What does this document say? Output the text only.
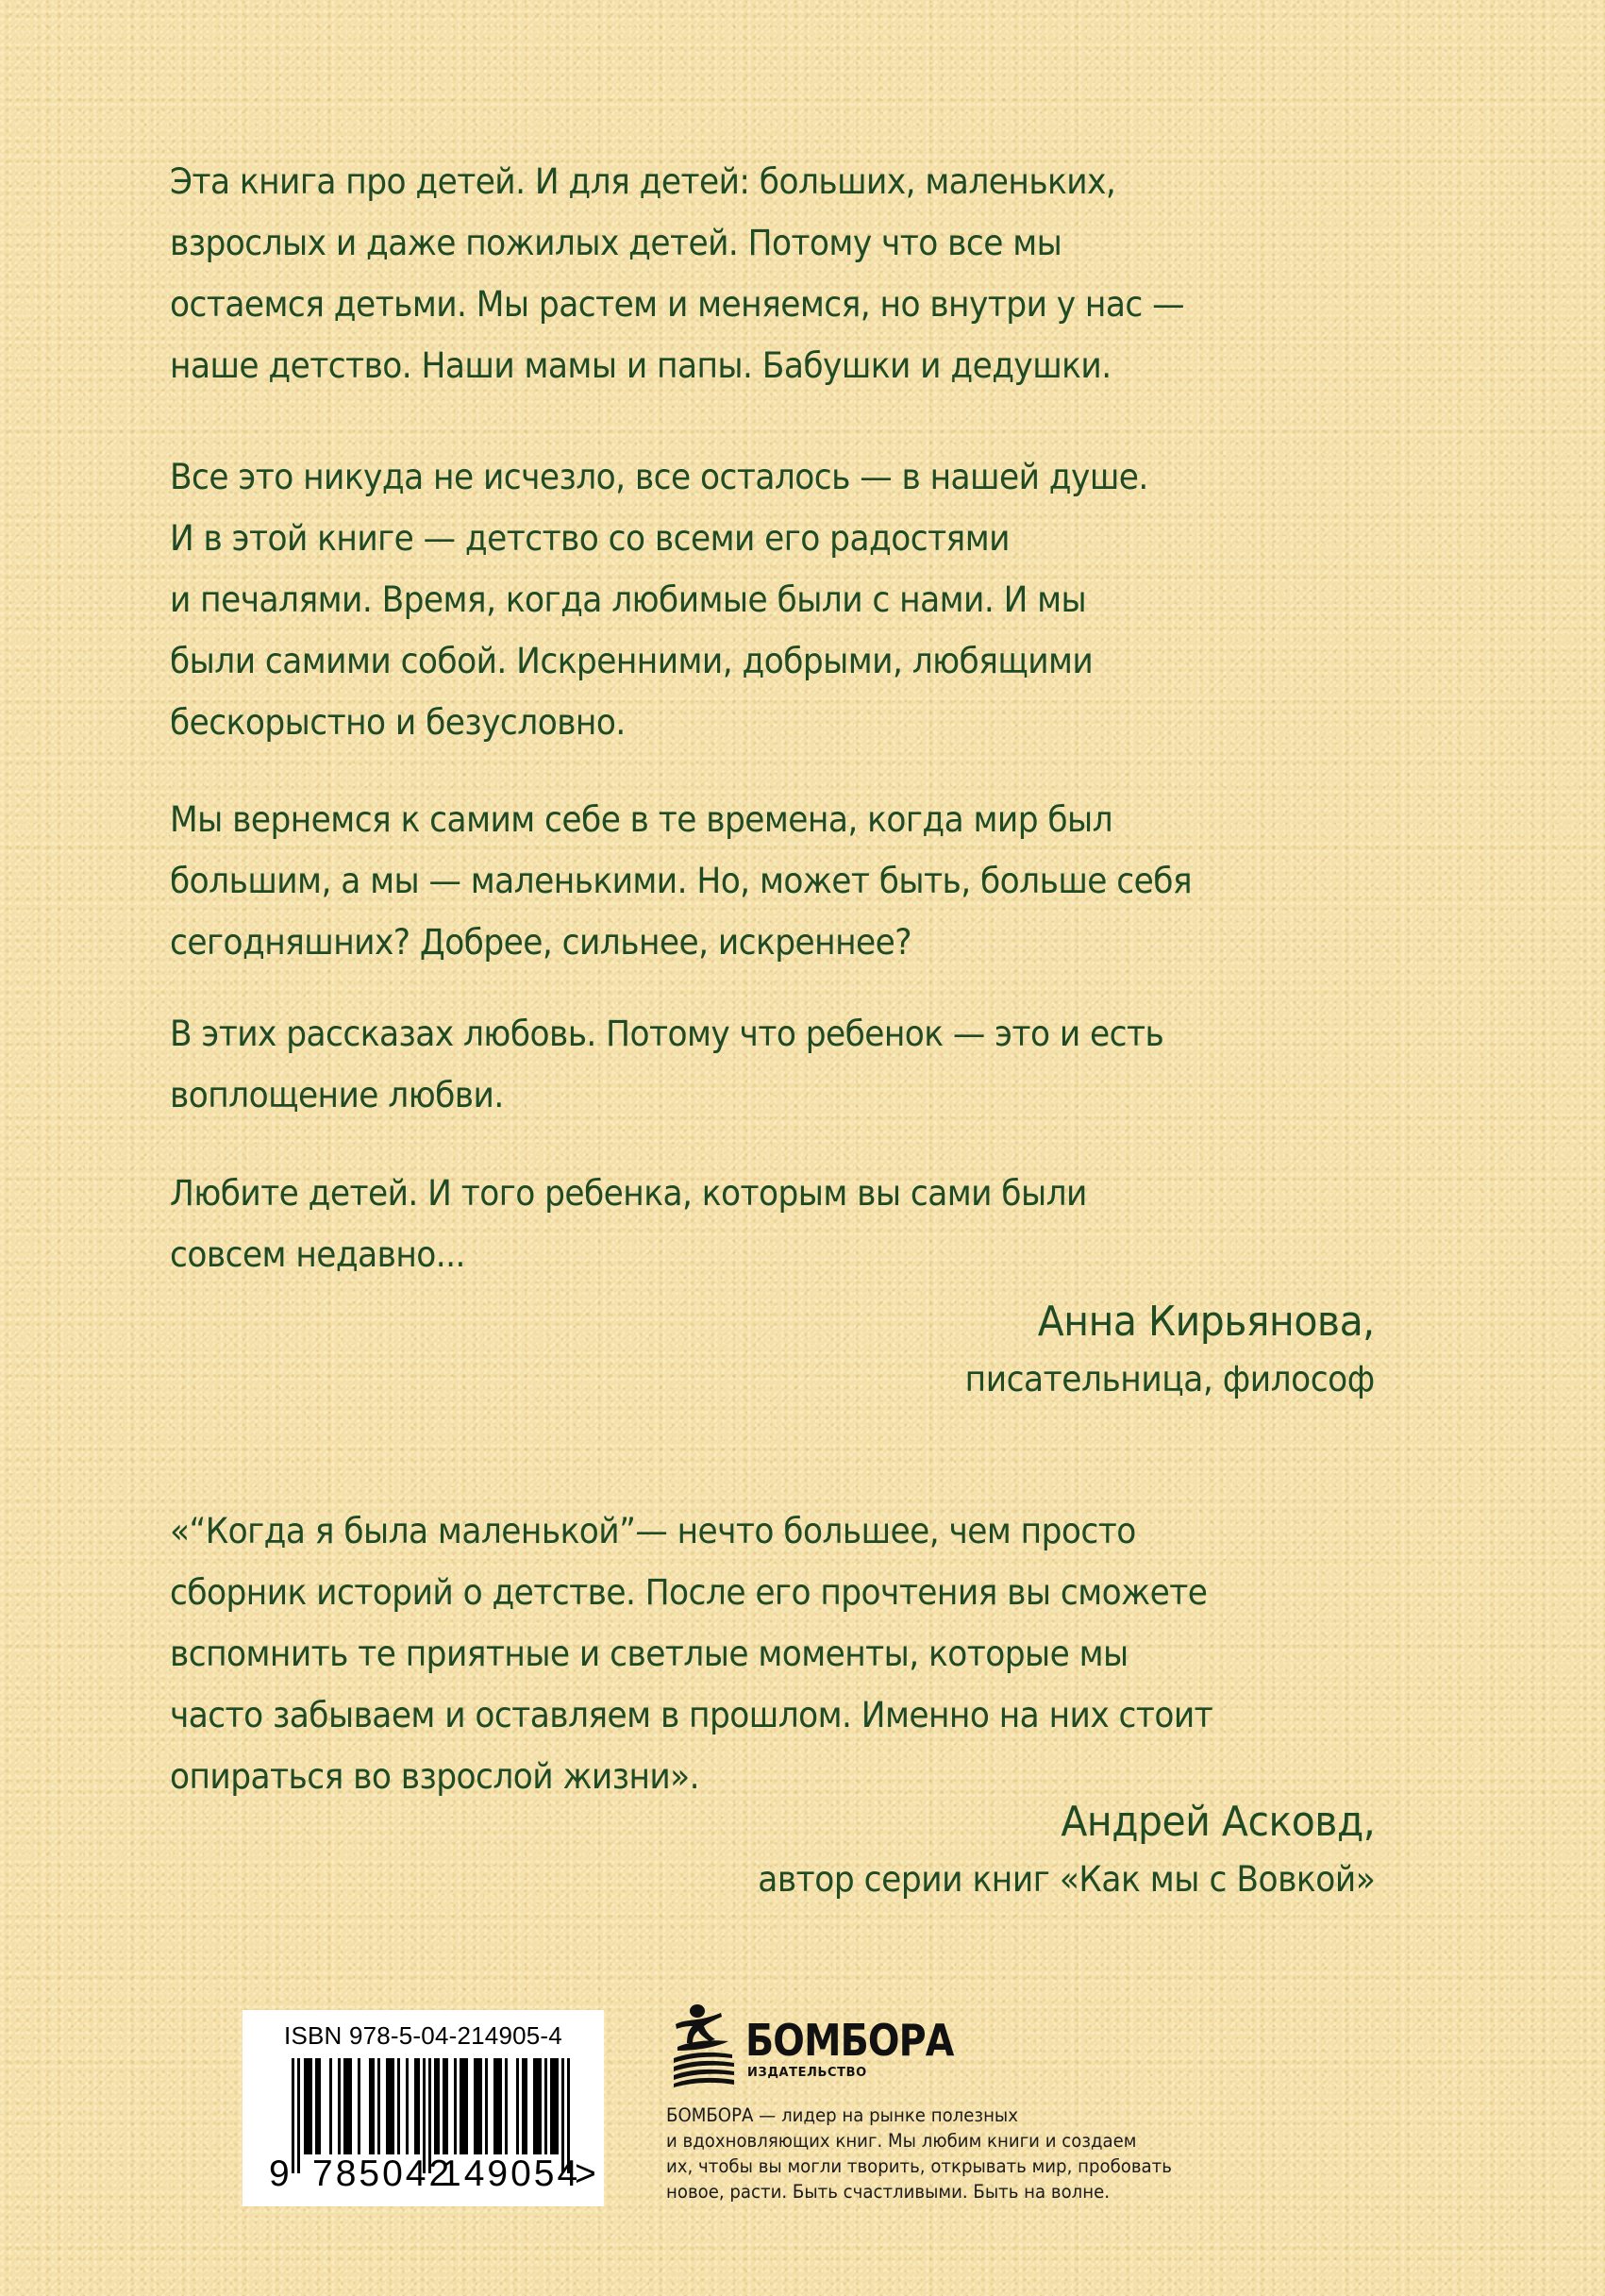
Эта книга про детей. И для детей: больших, маленьких,
взрослых и даже пожилых детей. Потому что все мы
остаемся детьми. Мы растем и меняемся, но внутри у нас —
наше детство. Наши мамы и папы. Бабушки и дедушки.

Все это никуда не исчезло, все осталось — в нашей душе.
И в этой книге — детство со всеми его радостями
и печалями. Время, когда любимые были с нами. И мы
были самими собой. Искренними, добрыми, любящими
бескорыстно и безусловно.

Мы вернемся к самим себе в те времена, когда мир был
большим, а мы — маленькими. Но, может быть, больше себя
сегодняшних? Добрее, сильнее, искреннее?

В этих рассказах любовь. Потому что ребенок — это и есть
воплощение любви.

Любите детей. И того ребенка, которым вы сами были
совсем недавно...

Анна Кирьянова,
писательница, философ

«“Когда я была маленькой”— нечто большее, чем просто
сборник историй о детстве. После его прочтения вы сможете
вспомнить те приятные и светлые моменты, которые мы
часто забываем и оставляем в прошлом. Именно на них стоит
опираться во взрослой жизни».

Андрей Асковд,
автор серии книг «Как мы с Вовкой»
ISBN 978-5-04-214905-4
9 785042
149054
>
БОМБОРА
ИЗДАТЕЛЬСТВО
БОМБОРА — лидер на рынке полезных
и вдохновляющих книг. Мы любим книги и создаем
их, чтобы вы могли творить, открывать мир, пробовать
новое, расти. Быть счастливыми. Быть на волне.
